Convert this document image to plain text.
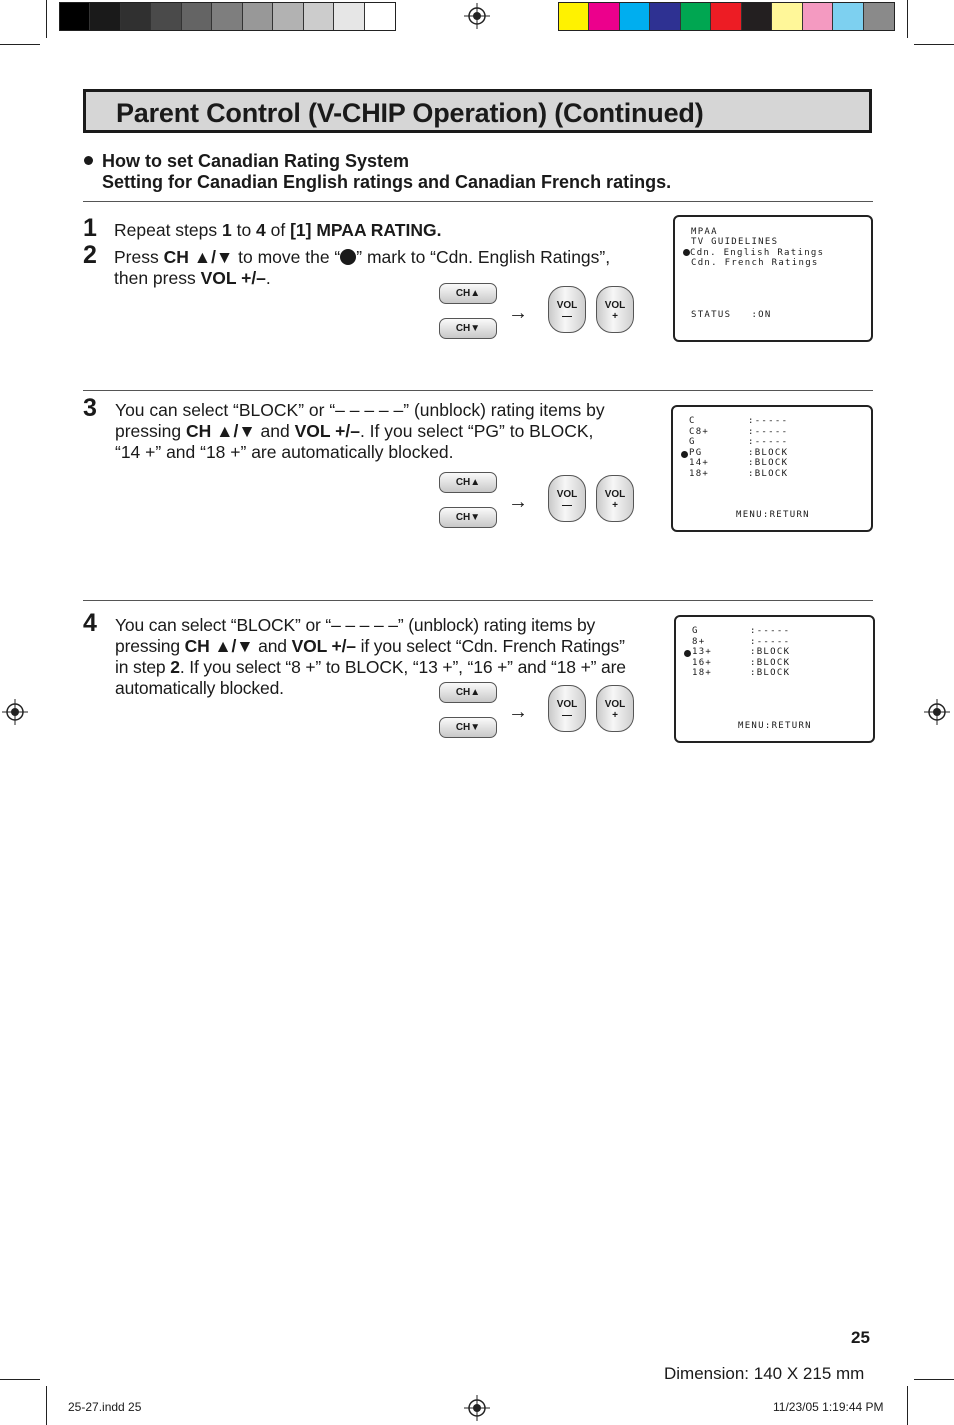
Parent Control (V-CHIP Operation) (Continued)
How to set Canadian Rating System
Setting for Canadian English ratings and Canadian French ratings.
1 Repeat steps 1 to 4 of [1] MPAA RATING.
2 Press CH ▲/▼ to move the “ ” mark to “Cdn. English Ratings”,
then press VOL +/–.
CH▲
CH▼
→	VOL
—
VOL
+
MPAA
TV GUIDELINES
Cdn. English Ratings
Cdn. French Ratings
STATUS   :ON
3 You can select “BLOCK” or “– – – – –” (unblock) rating items by
pressing CH ▲/▼ and VOL +/–. If you select “PG” to BLOCK,
“14 +” and “18 +” are automatically blocked.
CH▲
CH▼
→	VOL
—
VOL
+
C	:-----
C8+	:-----
G	:-----
PG	:BLOCK
14+	:BLOCK
18+	:BLOCK
MENU:RETURN
4 You can select “BLOCK” or “– – – – –” (unblock) rating items by
pressing CH ▲/▼ and VOL +/– if you select “Cdn. French Ratings”
in step 2. If you select “8 +” to BLOCK, “13 +”, “16 +” and “18 +” are
automatically blocked.	CH▲
CH▼
→	VOL
—
VOL
+
G	:-----
8+	:-----
13+	:BLOCK
16+	:BLOCK
18+	:BLOCK
MENU:RETURN
25
Dimension: 140 X 215 mm
25-27.indd 25	11/23/05 1:19:44 PM
